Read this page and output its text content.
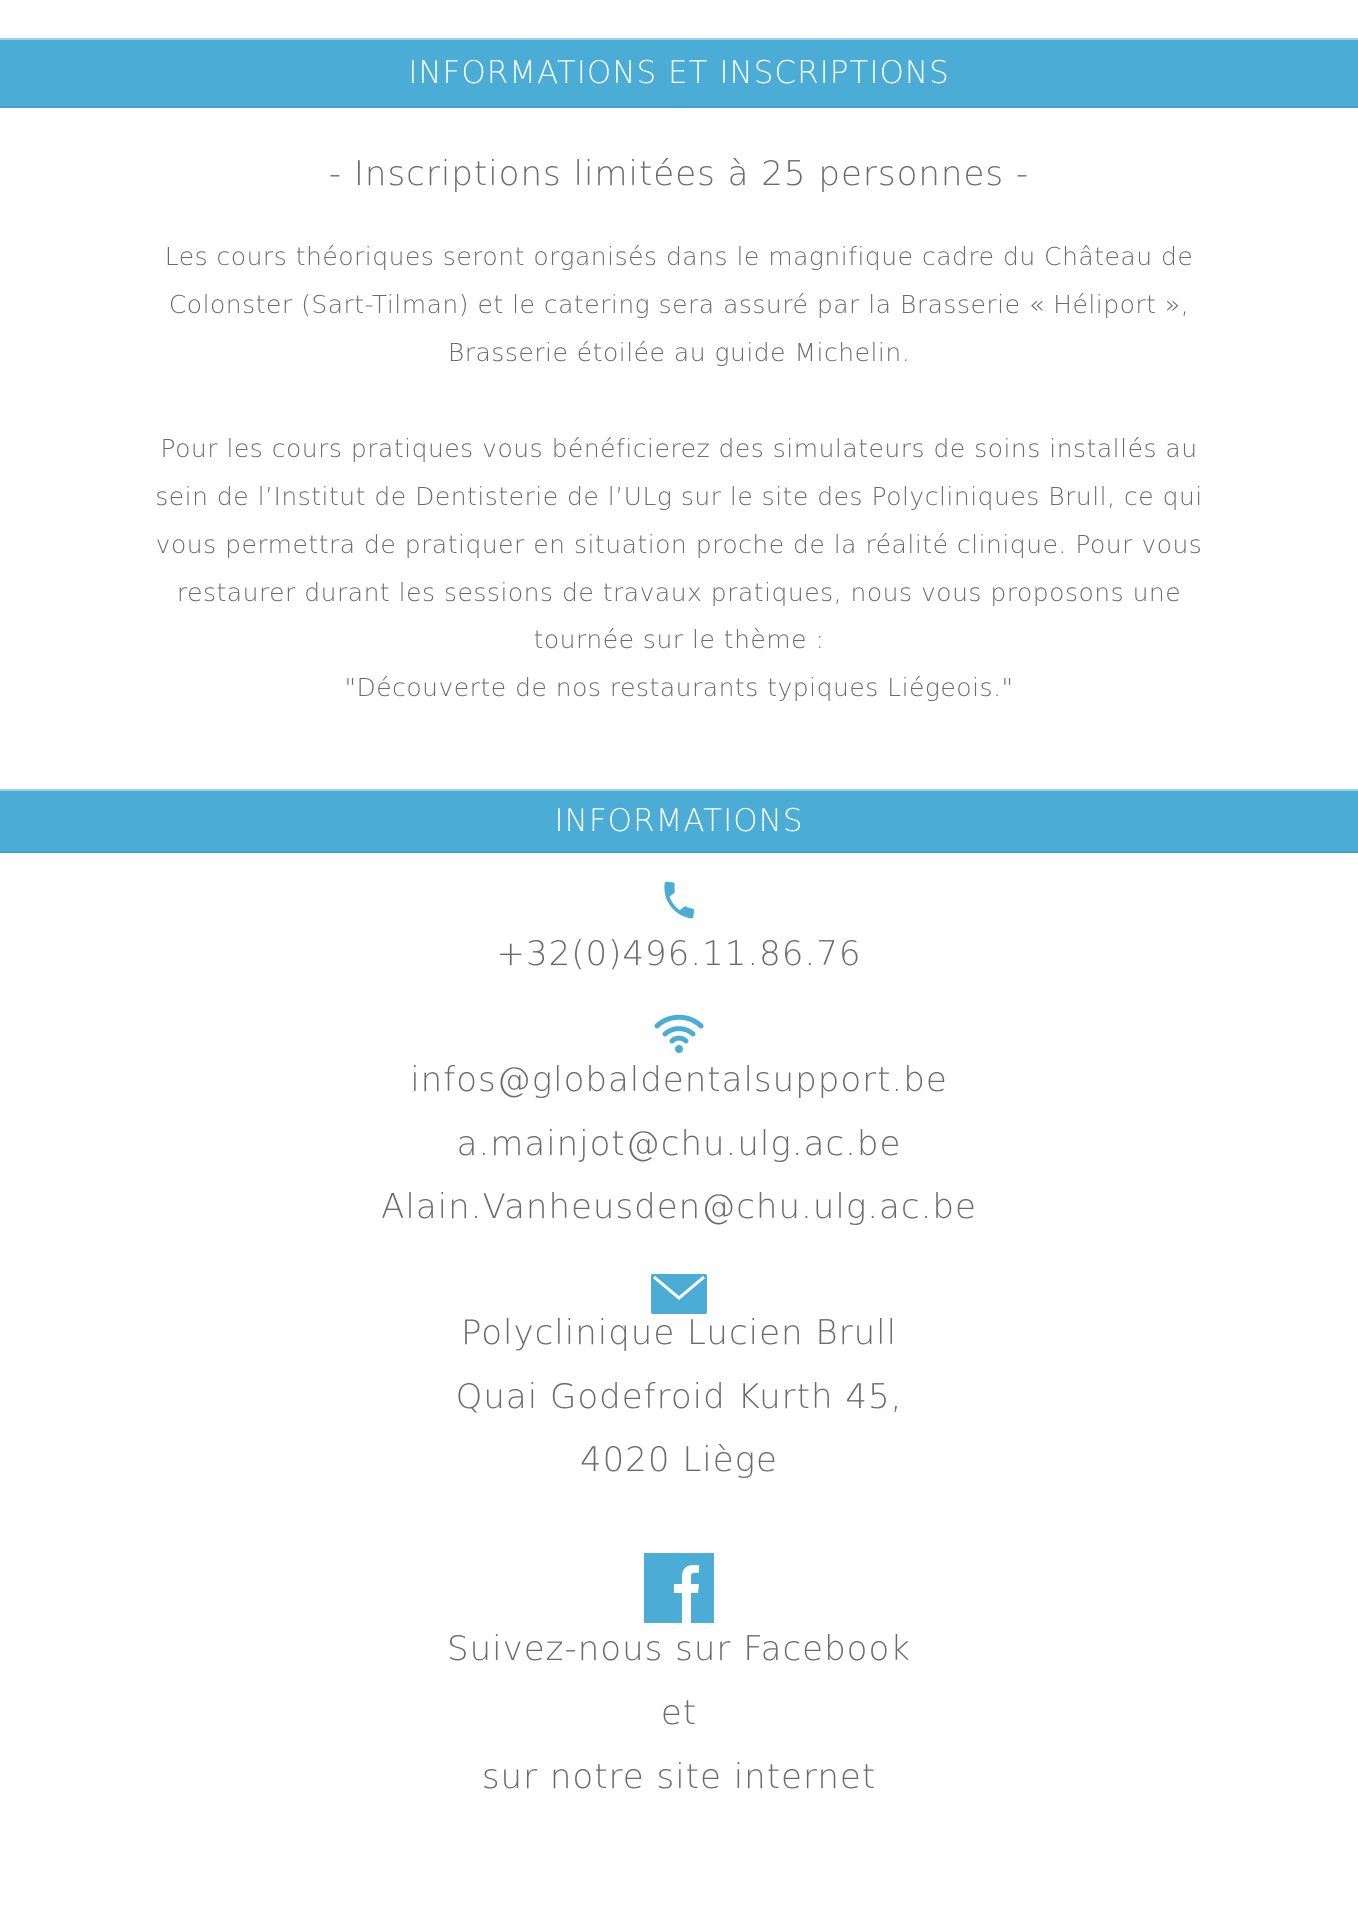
INFORMATIONS ET INSCRIPTIONS
- Inscriptions limitées à 25 personnes -
Les cours théoriques seront organisés dans le magnifique cadre du Château de
Colonster (Sart-Tilman) et le catering sera assuré par la Brasserie « Héliport »,
Brasserie étoilée au guide Michelin.
Pour les cours pratiques vous bénéficierez des simulateurs de soins installés au
sein de l’Institut de Dentisterie de l’ULg sur le site des Polycliniques Brull, ce qui
vous permettra de pratiquer en situation proche de la réalité clinique. Pour vous
restaurer durant les sessions de travaux pratiques, nous vous proposons une
tournée sur le thème :
"Découverte de nos restaurants typiques Liégeois."
INFORMATIONS
+32(0)496.11.86.76
infos@globaldentalsupport.be
a.mainjot@chu.ulg.ac.be
Alain.Vanheusden@chu.ulg.ac.be
Polyclinique Lucien Brull
Quai Godefroid Kurth 45,
4020 Liège
Suivez-nous sur Facebook
et
sur notre site internet
